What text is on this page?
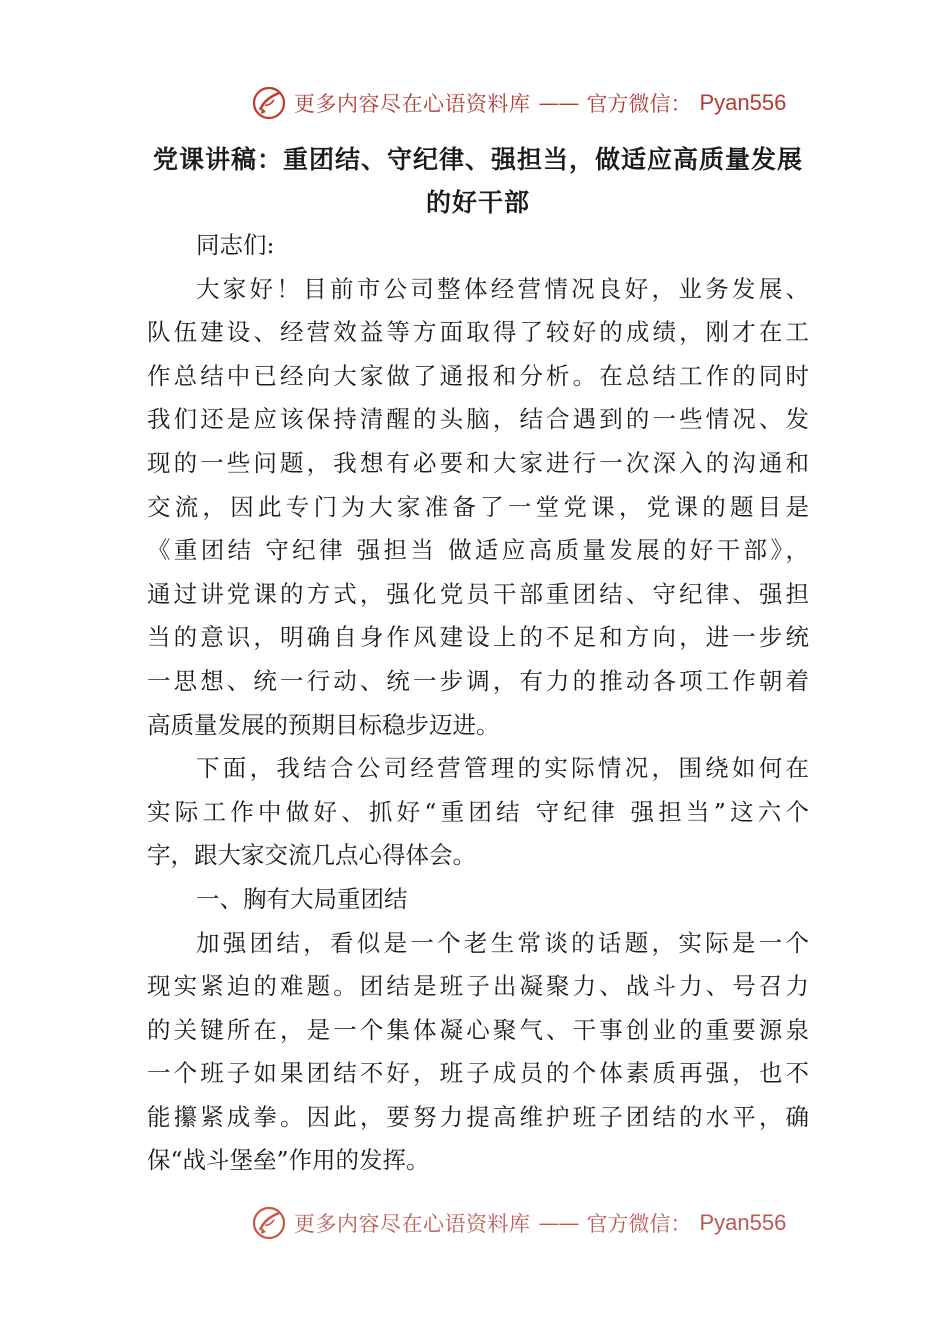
更多内容尽在心语资料库 —— 官方微信： Pyan556
党课讲稿：重团结、守纪律、强担当，做适应高质量发展
的好干部
同志们:
大家好！目前市公司整体经营情况良好，业务发展、
队伍建设、经营效益等方面取得了较好的成绩，刚才在工
作总结中已经向大家做了通报和分析。在总结工作的同时
我们还是应该保持清醒的头脑，结合遇到的一些情况、发
现的一些问题，我想有必要和大家进行一次深入的沟通和
交流，因此专门为大家准备了一堂党课，党课的题目是
《重团结 守纪律 强担当 做适应高质量发展的好干部》，
通过讲党课的方式，强化党员干部重团结、守纪律、强担
当的意识，明确自身作风建设上的不足和方向，进一步统
一思想、统一行动、统一步调，有力的推动各项工作朝着
高质量发展的预期目标稳步迈进。
下面，我结合公司经营管理的实际情况，围绕如何在
实际工作中做好、抓好“重团结 守纪律 强担当”这六个
字，跟大家交流几点心得体会。
一、胸有大局重团结
加强团结，看似是一个老生常谈的话题，实际是一个
现实紧迫的难题。团结是班子出凝聚力、战斗力、号召力
的关键所在，是一个集体凝心聚气、干事创业的重要源泉
一个班子如果团结不好，班子成员的个体素质再强，也不
能攥紧成拳。因此，要努力提高维护班子团结的水平，确
保“战斗堡垒”作用的发挥。
更多内容尽在心语资料库 —— 官方微信： Pyan556
